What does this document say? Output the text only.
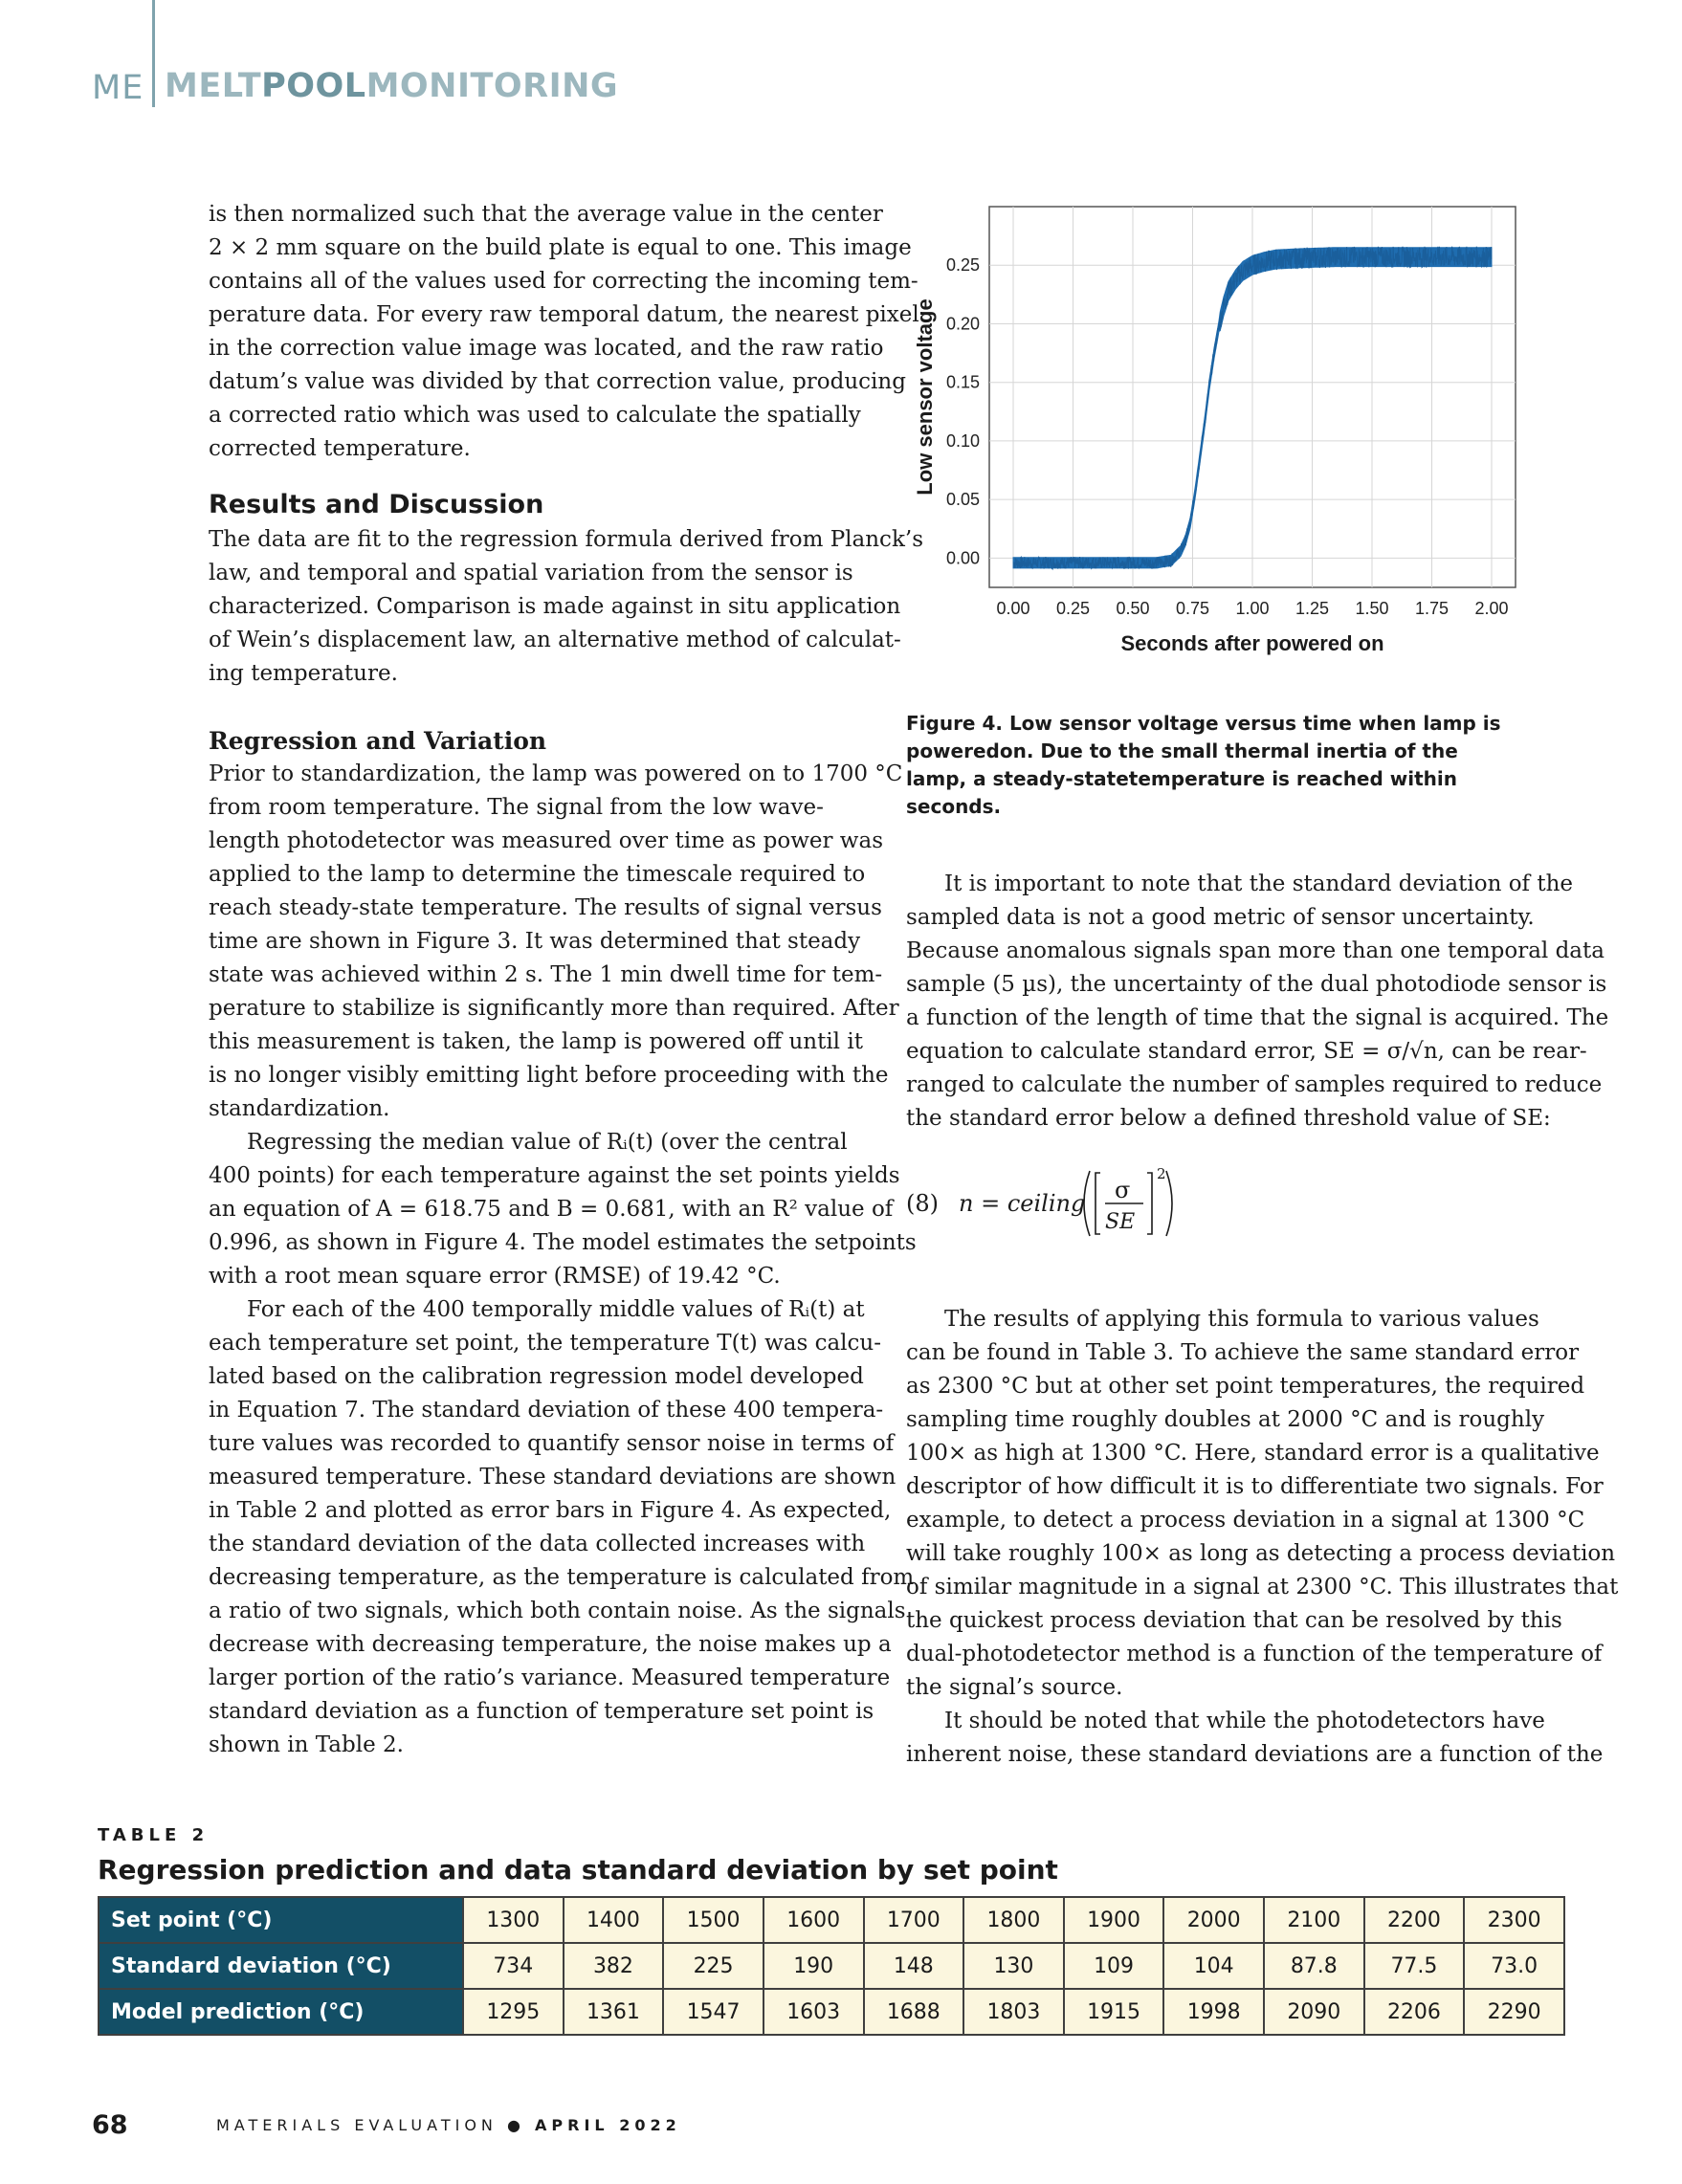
ME MELTPOOLMONITORING
is then normalized such that the average value in the center
2 × 2 mm square on the build plate is equal to one. This image
contains all of the values used for correcting the incoming tem-
perature data. For every raw temporal datum, the nearest pixel
in the correction value image was located, and the raw ratio
datum’s value was divided by that correction value, producing
a corrected ratio which was used to calculate the spatially
corrected temperature.
Results and Discussion
The data are fit to the regression formula derived from Planck’s
law, and temporal and spatial variation from the sensor is
characterized. Comparison is made against in situ application
of Wein’s displacement law, an alternative method of calculat-
ing temperature.
Regression and Variation
Prior to standardization, the lamp was powered on to 1700 °C
from room temperature. The signal from the low wave-
length photodetector was measured over time as power was
applied to the lamp to determine the timescale required to
reach steady-state temperature. The results of signal versus
time are shown in Figure 3. It was determined that steady
state was achieved within 2 s. The 1 min dwell time for tem-
perature to stabilize is significantly more than required. After
this measurement is taken, the lamp is powered off until it
is no longer visibly emitting light before proceeding with the
standardization.
Regressing the median value of Rᵢ(t) (over the central
400 points) for each temperature against the set points yields
an equation of A = 618.75 and B = 0.681, with an R² value of
0.996, as shown in Figure 4. The model estimates the setpoints
with a root mean square error (RMSE) of 19.42 °C.
For each of the 400 temporally middle values of Rᵢ(t) at
each temperature set point, the temperature T(t) was calcu-
lated based on the calibration regression model developed
in Equation 7. The standard deviation of these 400 tempera-
ture values was recorded to quantify sensor noise in terms of
measured temperature. These standard deviations are shown
in Table 2 and plotted as error bars in Figure 4. As expected,
the standard deviation of the data collected increases with
decreasing temperature, as the temperature is calculated from
a ratio of two signals, which both contain noise. As the signals
decrease with decreasing temperature, the noise makes up a
larger portion of the ratio’s variance. Measured temperature
standard deviation as a function of temperature set point is
shown in Table 2.
0.00 0.25 0.50 0.75 1.00 1.25 1.50 1.75 2.00
0.00
0.05
0.10
0.15
0.20
0.25
Seconds after powered on
Low sensor voltage
Figure 4. Low sensor voltage versus time when lamp is poweredon. Due to the small thermal inertia of the lamp, a steady-statetemperature is reached within seconds.
It is important to note that the standard deviation of the
sampled data is not a good metric of sensor uncertainty.
Because anomalous signals span more than one temporal data
sample (5 µs), the uncertainty of the dual photodiode sensor is
a function of the length of time that the signal is acquired. The
equation to calculate standard error, SE = σ/√n, can be rear-
ranged to calculate the number of samples required to reduce
the standard error below a defined threshold value of SE:
(8) n = ceiling σ
SE
2
The results of applying this formula to various values
can be found in Table 3. To achieve the same standard error
as 2300 °C but at other set point temperatures, the required
sampling time roughly doubles at 2000 °C and is roughly
100× as high at 1300 °C. Here, standard error is a qualitative
descriptor of how difficult it is to differentiate two signals. For
example, to detect a process deviation in a signal at 1300 °C
will take roughly 100× as long as detecting a process deviation
of similar magnitude in a signal at 2300 °C. This illustrates that
the quickest process deviation that can be resolved by this
dual-photodetector method is a function of the temperature of
the signal’s source.
It should be noted that while the photodetectors have
inherent noise, these standard deviations are a function of the
TABLE 2
Regression prediction and data standard deviation by set point
Set point (°C)	1300	1400	1500	1600	1700	1800	1900	2000	2100	2200	2300
Standard deviation (°C)	734	382	225	190	148	130	109	104	87.8	77.5	73.0
Model prediction (°C)	1295	1361	1547	1603	1688	1803	1915	1998	2090	2206	2290
68	MATERIALS EVALUATION ● APRIL 2022
